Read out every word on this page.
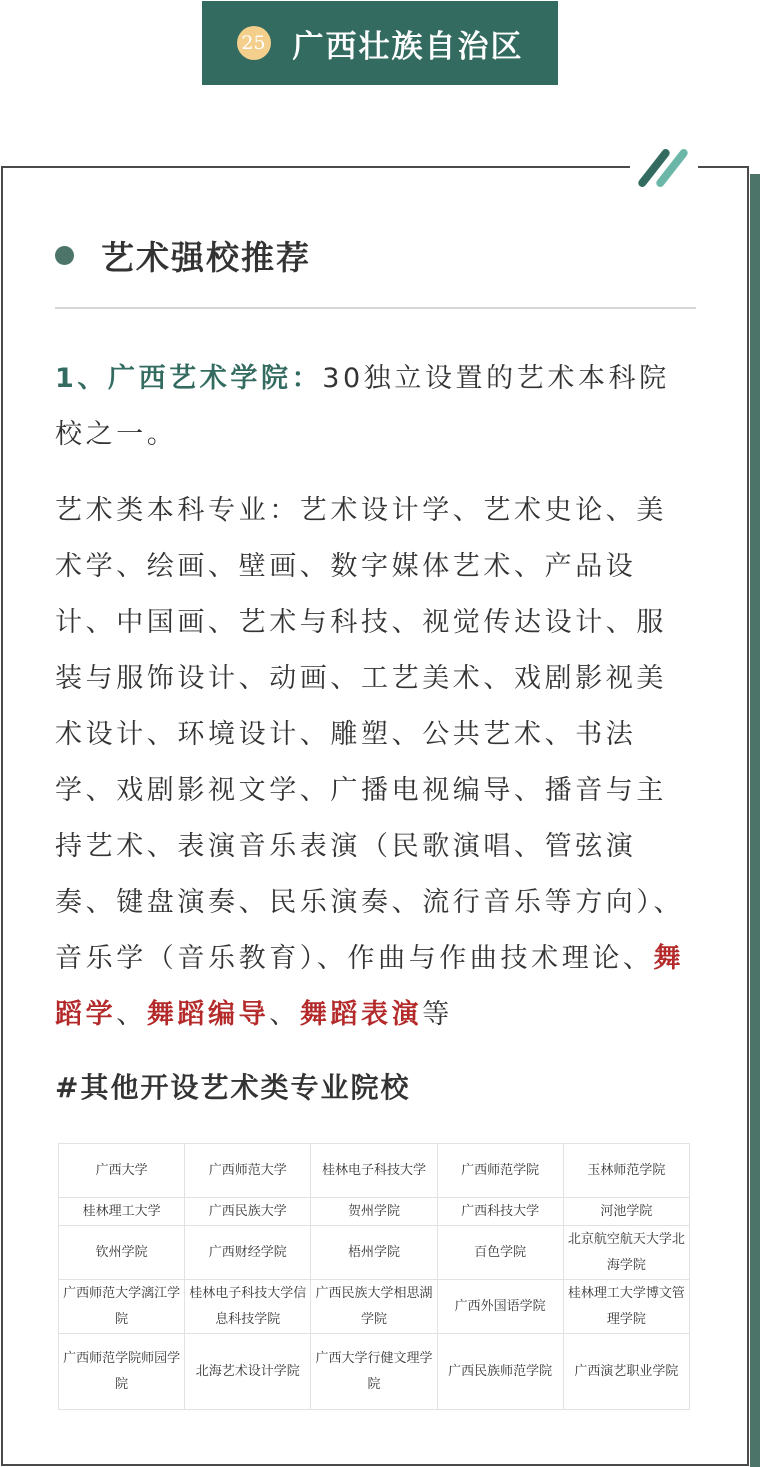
25 广西壮族自治区
艺术强校推荐

1、广西艺术学院：30独立设置的艺术本科院校之一。

艺术类本科专业：艺术设计学、艺术史论、美术学、绘画、壁画、数字媒体艺术、产品设计、中国画、艺术与科技、视觉传达设计、服装与服饰设计、动画、工艺美术、戏剧影视美术设计、环境设计、雕塑、公共艺术、书法学、戏剧影视文学、广播电视编导、播音与主持艺术、表演音乐表演（民歌演唱、管弦演奏、键盘演奏、民乐演奏、流行音乐等方向）、音乐学（音乐教育）、作曲与作曲技术理论、舞蹈学、舞蹈编导、舞蹈表演等

#其他开设艺术类专业院校

广西大学	广西师范大学	桂林电子科技大学	广西师范学院	玉林师范学院
桂林理工大学	广西民族大学	贺州学院	广西科技大学	河池学院
钦州学院	广西财经学院	梧州学院	百色学院	北京航空航天大学北海学院
广西师范大学漓江学院	桂林电子科技大学信息科技学院	广西民族大学相思湖学院	广西外国语学院	桂林理工大学博文管理学院
广西师范学院师园学院	北海艺术设计学院	广西大学行健文理学院	广西民族师范学院	广西演艺职业学院
